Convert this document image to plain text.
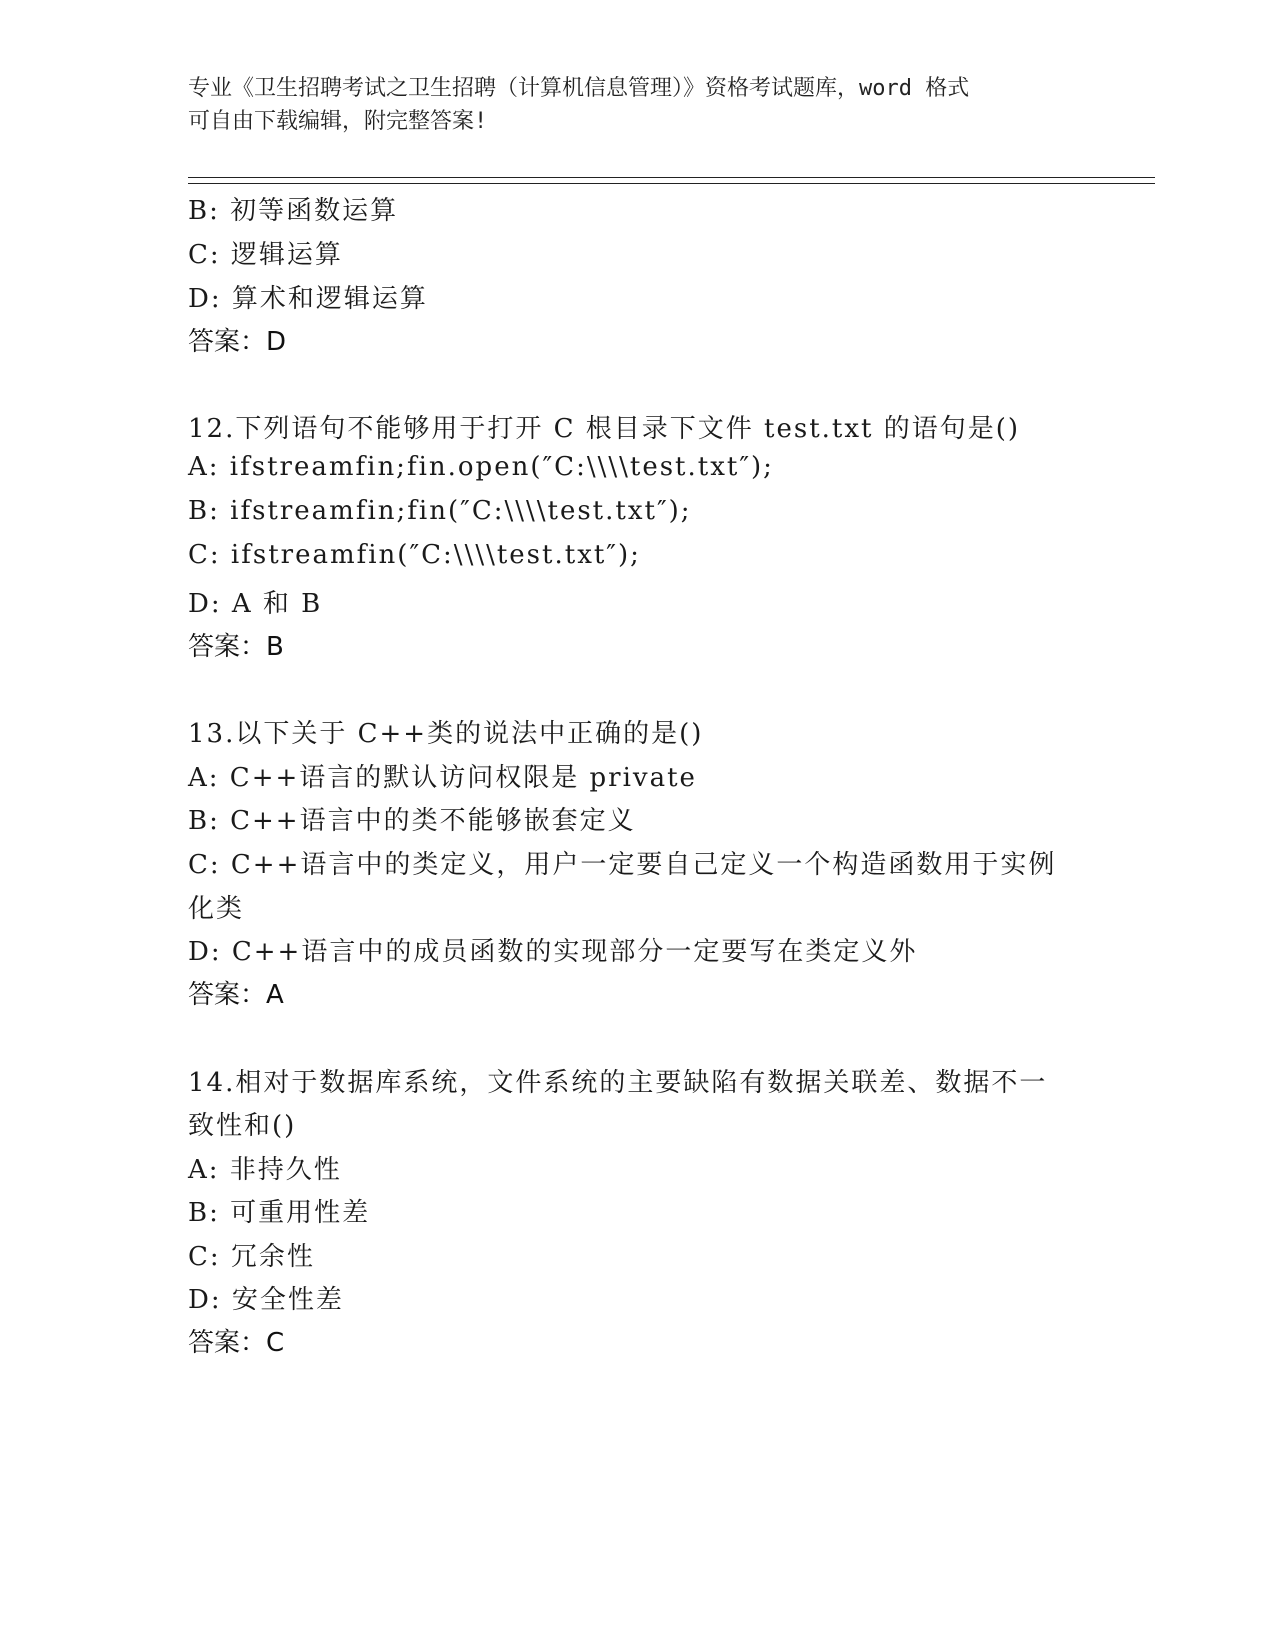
专业《卫生招聘考试之卫生招聘（计算机信息管理）》资格考试题库，word 格式
可自由下载编辑，附完整答案!
B: 初等函数运算
C: 逻辑运算
D: 算术和逻辑运算
答案：D
12.下列语句不能够用于打开 C 根目录下文件 test.txt 的语句是()
A: ifstreamfin;fin.open(″C:\\\\test.txt″);
B: ifstreamfin;fin(″C:\\\\test.txt″);
C: ifstreamfin(″C:\\\\test.txt″);
D: A 和 B
答案：B
13.以下关于 C++类的说法中正确的是()
A: C++语言的默认访问权限是 private
B: C++语言中的类不能够嵌套定义
C: C++语言中的类定义，用户一定要自己定义一个构造函数用于实例
化类
D: C++语言中的成员函数的实现部分一定要写在类定义外
答案：A
14.相对于数据库系统，文件系统的主要缺陷有数据关联差、数据不一
致性和()
A: 非持久性
B: 可重用性差
C: 冗余性
D: 安全性差
答案：C
